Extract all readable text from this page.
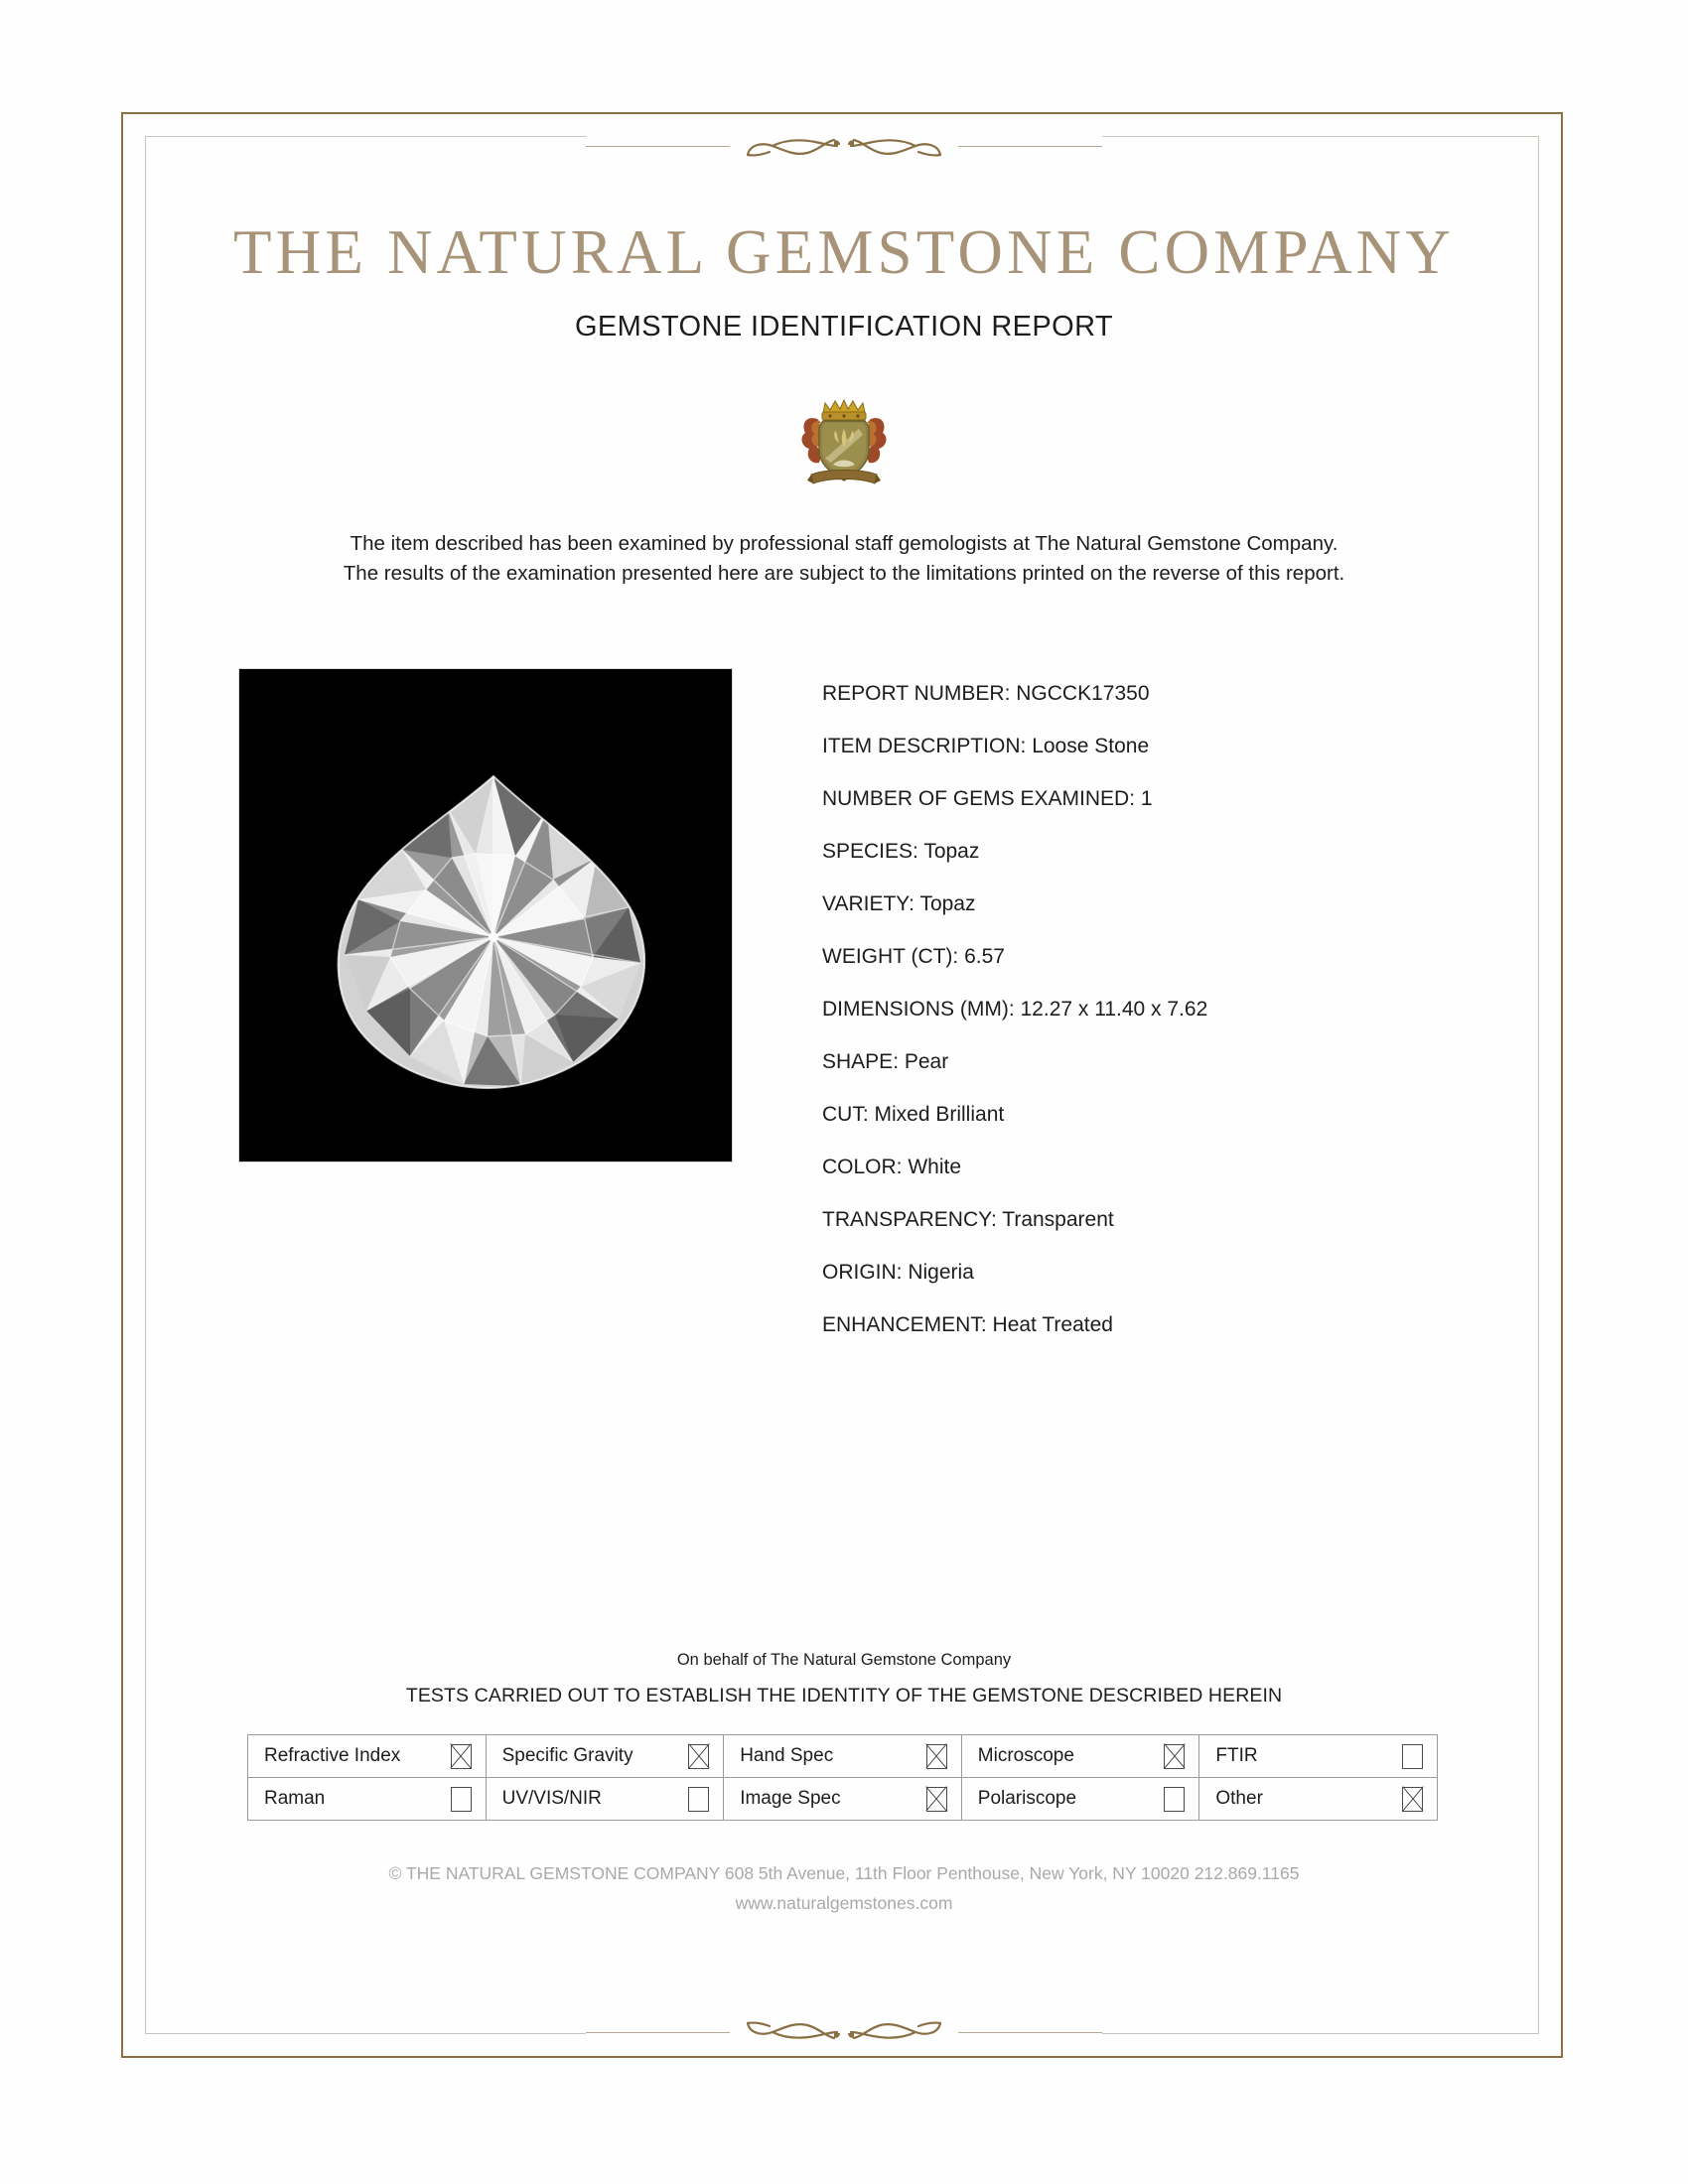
THE NATURAL GEMSTONE COMPANY
GEMSTONE IDENTIFICATION REPORT
The item described has been examined by professional staff gemologists at The Natural Gemstone Company.
The results of the examination presented here are subject to the limitations printed on the reverse of this report.
REPORT NUMBER: NGCCK17350
ITEM DESCRIPTION: Loose Stone
NUMBER OF GEMS EXAMINED: 1
SPECIES: Topaz
VARIETY: Topaz
WEIGHT (CT): 6.57
DIMENSIONS (MM): 12.27 x 11.40 x 7.62
SHAPE: Pear
CUT: Mixed Brilliant
COLOR: White
TRANSPARENCY: Transparent
ORIGIN: Nigeria
ENHANCEMENT: Heat Treated
On behalf of The Natural Gemstone Company
TESTS CARRIED OUT TO ESTABLISH THE IDENTITY OF THE GEMSTONE DESCRIBED HEREIN
Refractive Index	Specific Gravity	Hand Spec	Microscope	FTIR

Raman	UV/VIS/NIR	Image Spec	Polariscope	Other
© THE NATURAL GEMSTONE COMPANY 608 5th Avenue, 11th Floor Penthouse, New York, NY 10020 212.869.1165
www.naturalgemstones.com
